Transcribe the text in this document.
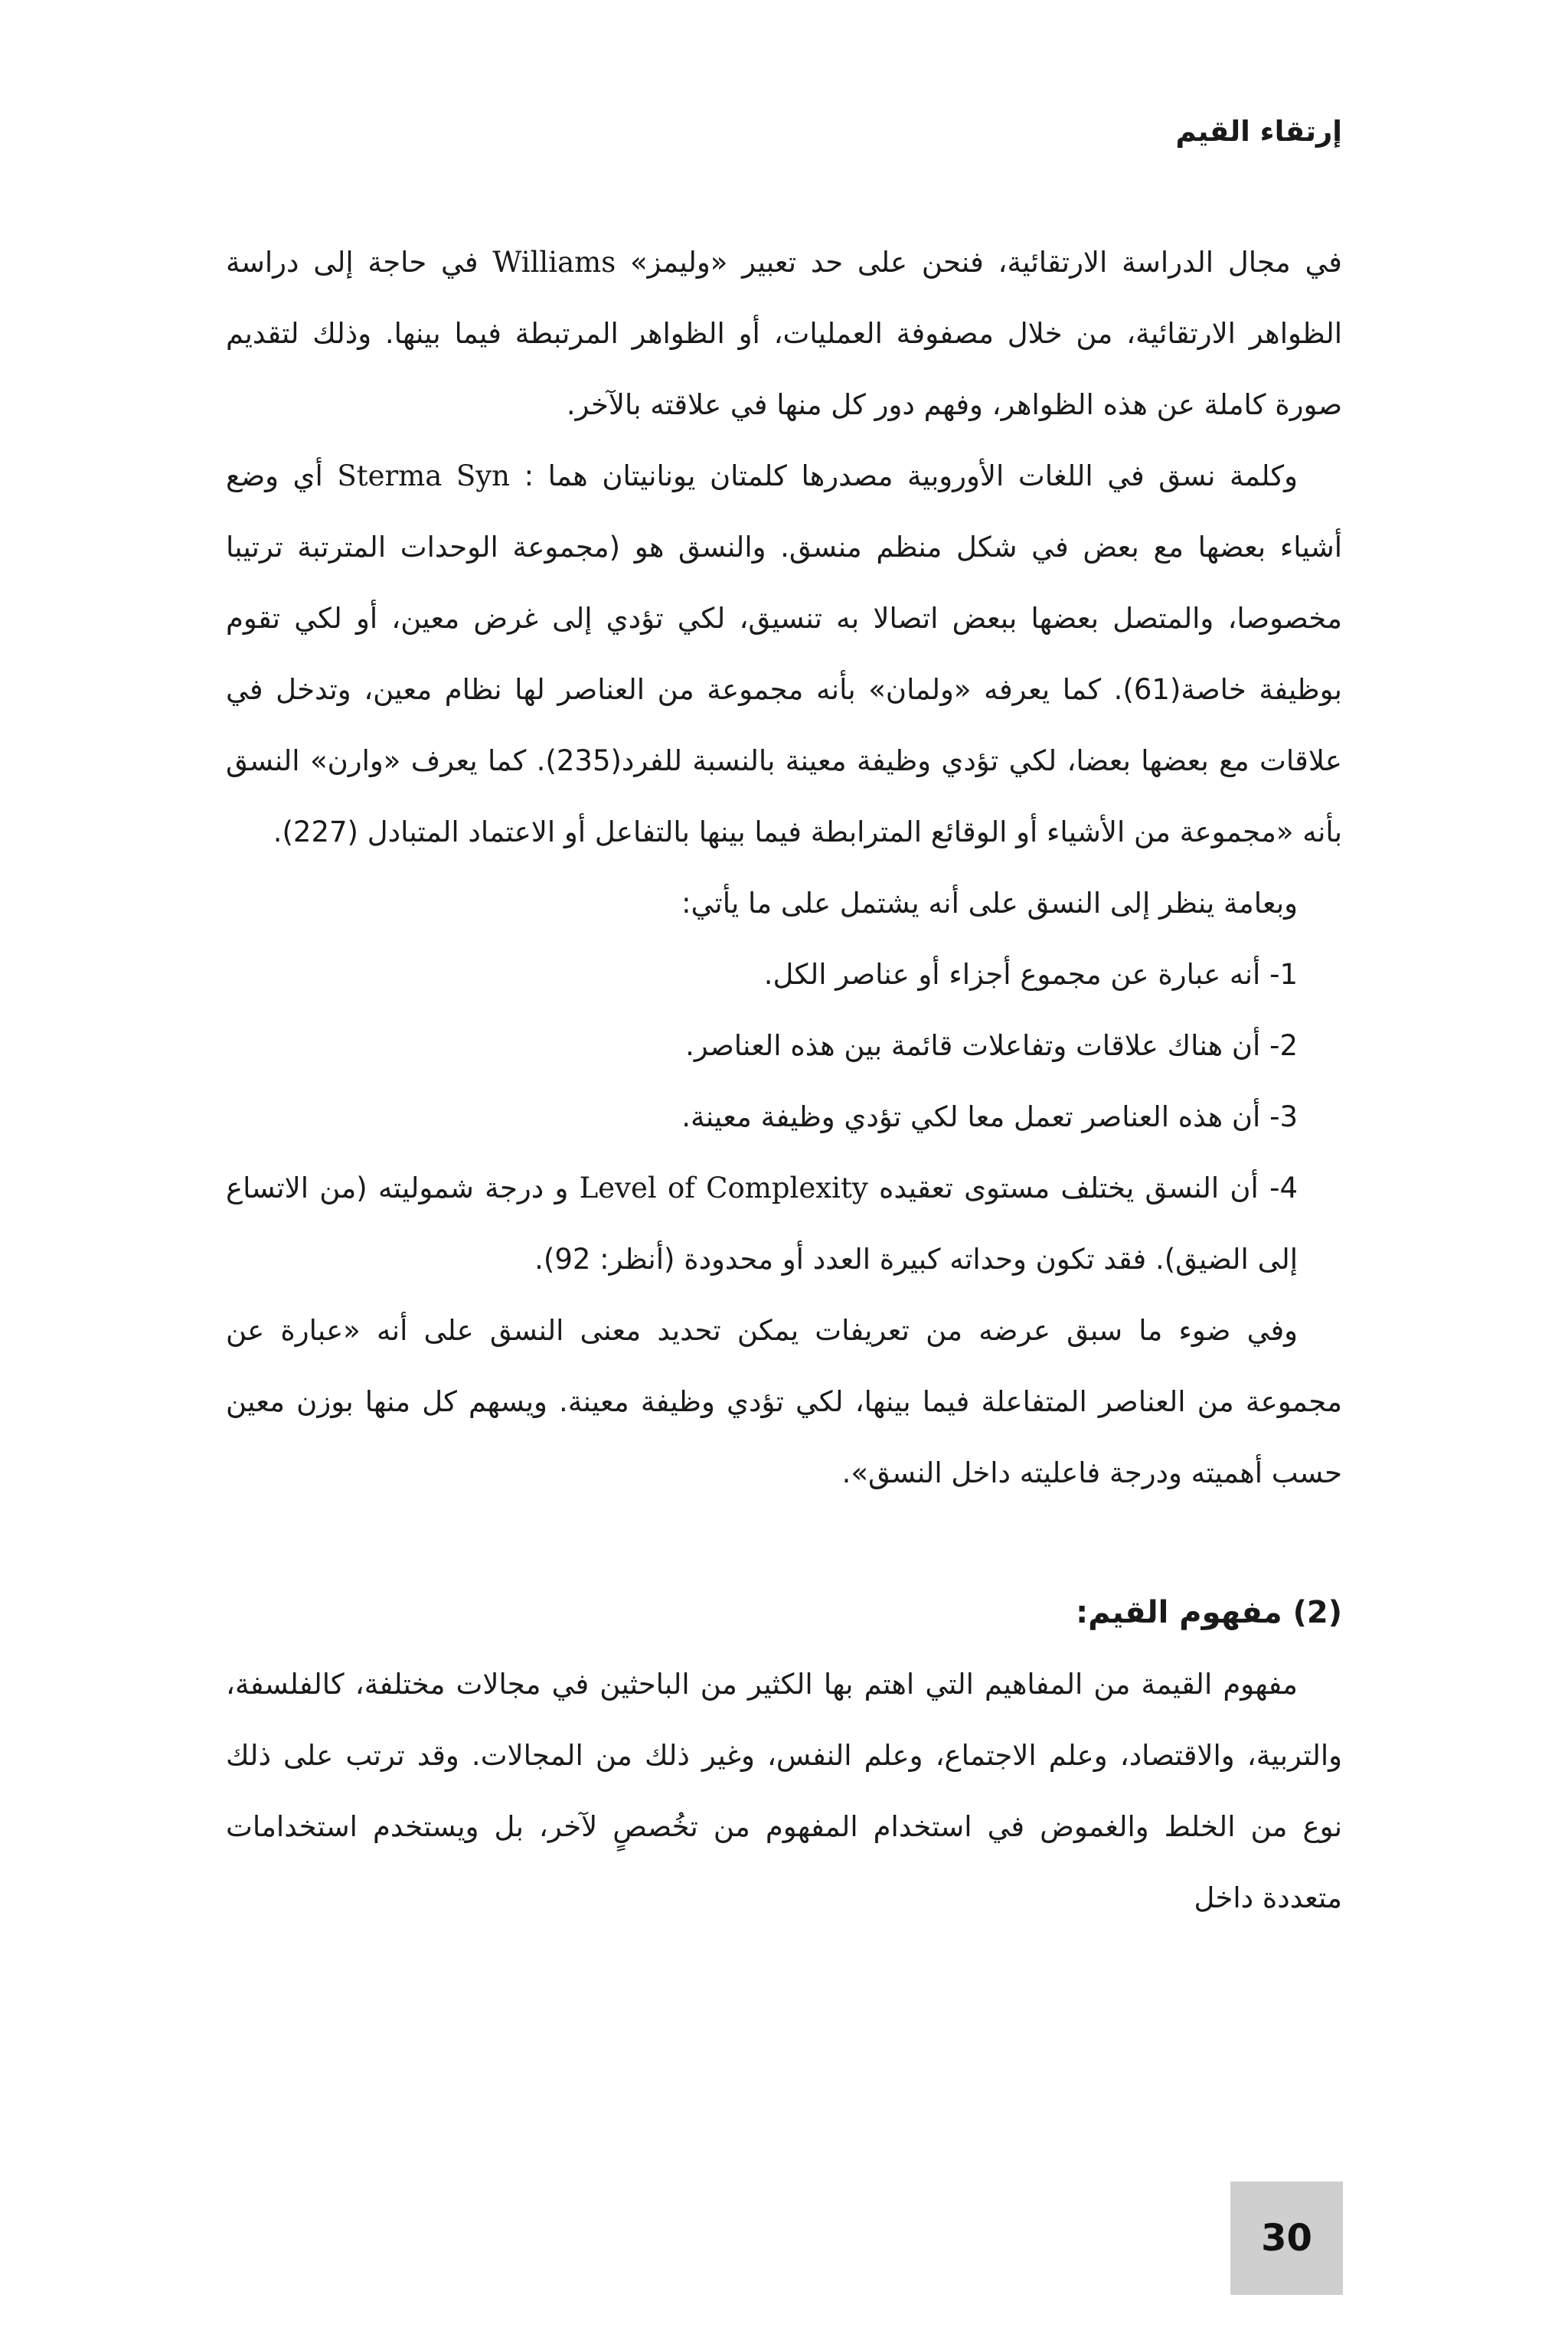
إرتقاء القيم

في مجال الدراسة الارتقائية، فنحن على حد تعبير «وليمز» Williams في حاجة إلى دراسة الظواهر الارتقائية، من خلال مصفوفة العمليات، أو الظواهر المرتبطة فيما بينها. وذلك لتقديم صورة كاملة عن هذه الظواهر، وفهم دور كل منها في علاقته بالآخر.

وكلمة نسق في اللغات الأوروبية مصدرها كلمتان يونانيتان هما : Sterma Syn أي وضع أشياء بعضها مع بعض في شكل منظم منسق. والنسق هو (مجموعة الوحدات المترتبة ترتيبا مخصوصا، والمتصل بعضها ببعض اتصالا به تنسيق، لكي تؤدي إلى غرض معين، أو لكي تقوم بوظيفة خاصة(61). كما يعرفه «ولمان» بأنه مجموعة من العناصر لها نظام معين، وتدخل في علاقات مع بعضها بعضا، لكي تؤدي وظيفة معينة بالنسبة للفرد(235). كما يعرف «وارن» النسق بأنه «مجموعة من الأشياء أو الوقائع المترابطة فيما بينها بالتفاعل أو الاعتماد المتبادل (227).

وبعامة ينظر إلى النسق على أنه يشتمل على ما يأتي:

1- أنه عبارة عن مجموع أجزاء أو عناصر الكل.

2- أن هناك علاقات وتفاعلات قائمة بين هذه العناصر.

3- أن هذه العناصر تعمل معا لكي تؤدي وظيفة معينة.

4- أن النسق يختلف مستوى تعقيده Level of Complexity و درجة شموليته (من الاتساع إلى الضيق). فقد تكون وحداته كبيرة العدد أو محدودة (أنظر: 92).

وفي ضوء ما سبق عرضه من تعريفات يمكن تحديد معنى النسق على أنه «عبارة عن مجموعة من العناصر المتفاعلة فيما بينها، لكي تؤدي وظيفة معينة. ويسهم كل منها بوزن معين حسب أهميته ودرجة فاعليته داخل النسق».

(2) مفهوم القيم:

مفهوم القيمة من المفاهيم التي اهتم بها الكثير من الباحثين في مجالات مختلفة، كالفلسفة، والتربية، والاقتصاد، وعلم الاجتماع، وعلم النفس، وغير ذلك من المجالات. وقد ترتب على ذلك نوع من الخلط والغموض في استخدام المفهوم من تخُصصٍ لآخر، بل ويستخدم استخدامات متعددة داخل

30
